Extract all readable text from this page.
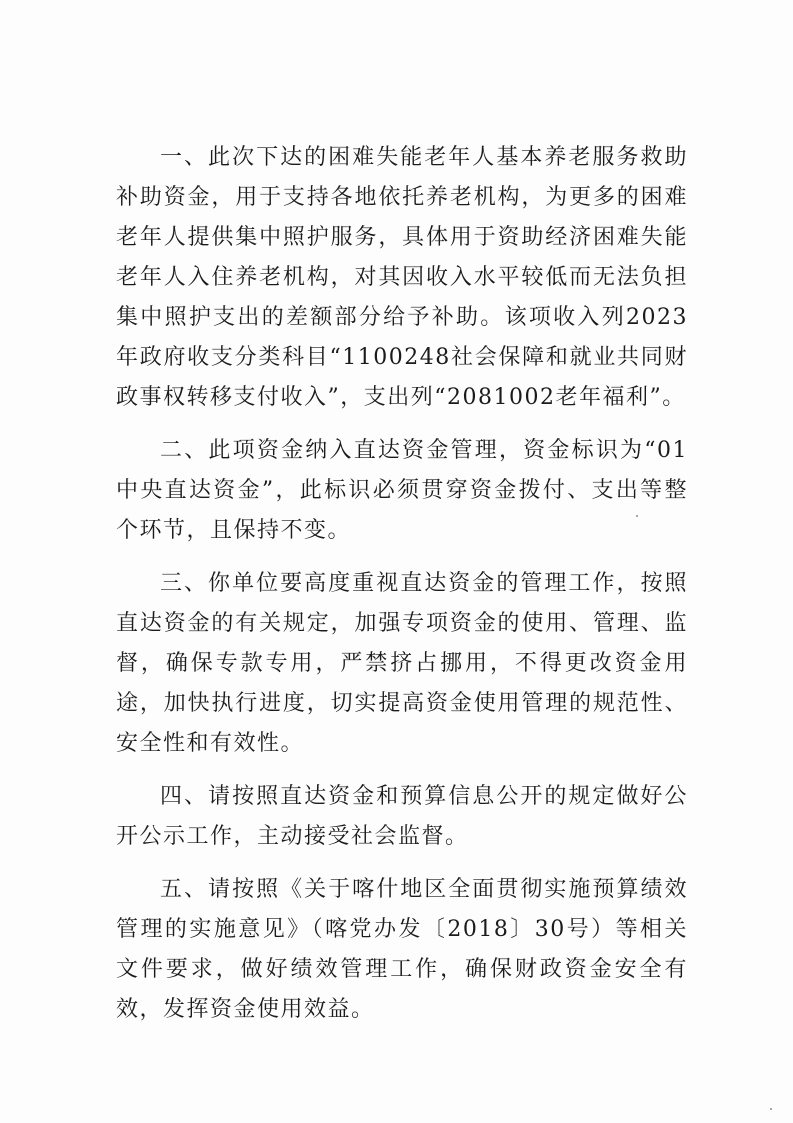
一、此次下达的困难失能老年人基本养老服务救助补助资金，用于支持各地依托养老机构，为更多的困难老年人提供集中照护服务，具体用于资助经济困难失能老年人入住养老机构，对其因收入水平较低而无法负担集中照护支出的差额部分给予补助。该项收入列2023年政府收支分类科目“1100248社会保障和就业共同财政事权转移支付收入”，支出列“2081002老年福利”。

二、此项资金纳入直达资金管理，资金标识为“01中央直达资金”，此标识必须贯穿资金拨付、支出等整个环节，且保持不变。

三、你单位要高度重视直达资金的管理工作，按照直达资金的有关规定，加强专项资金的使用、管理、监督，确保专款专用，严禁挤占挪用，不得更改资金用途，加快执行进度，切实提高资金使用管理的规范性、安全性和有效性。

四、请按照直达资金和预算信息公开的规定做好公开公示工作，主动接受社会监督。

五、请按照《关于喀什地区全面贯彻实施预算绩效管理的实施意见》（喀党办发〔2018〕30号）等相关文件要求，做好绩效管理工作，确保财政资金安全有效，发挥资金使用效益。
